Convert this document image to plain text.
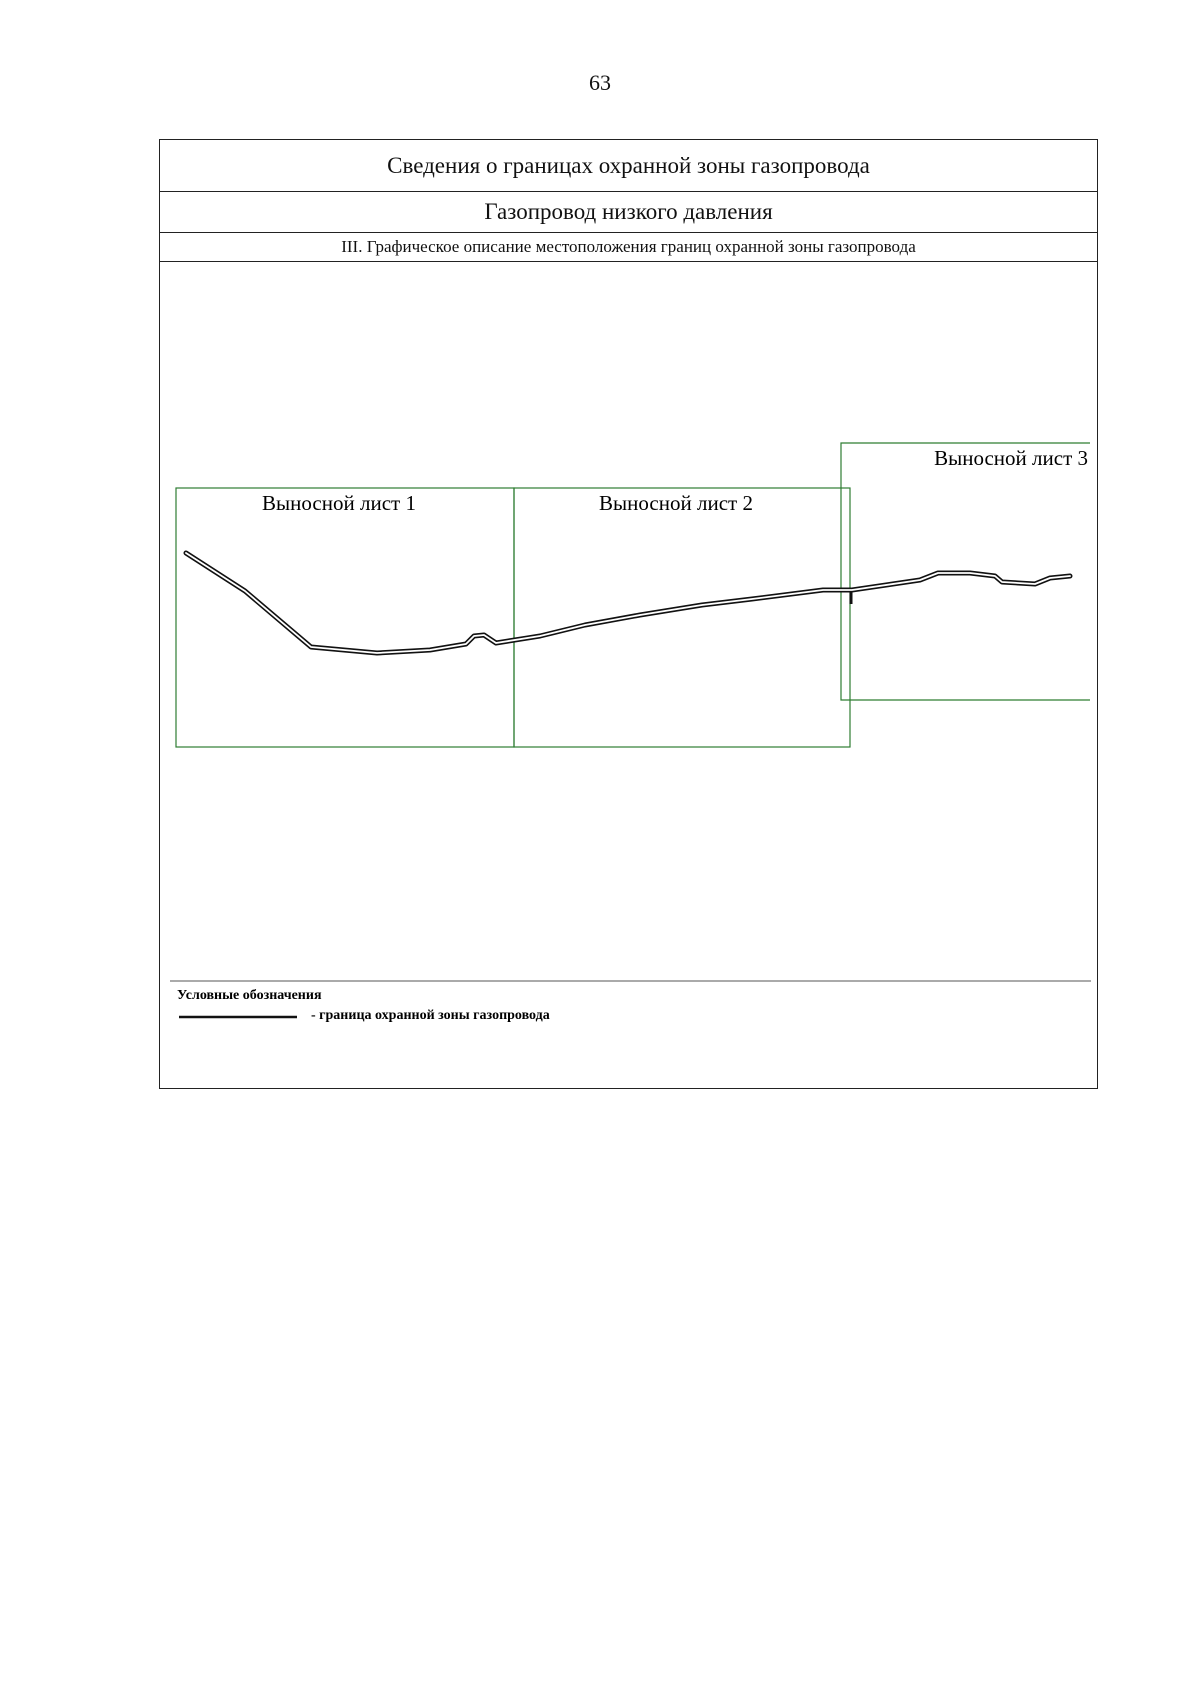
63
Сведения о границах охранной зоны газопровода
Газопровод низкого давления
III. Графическое описание местоположения границ охранной зоны газопровода
Выносной лист 1	Выносной лист 2
Выносной лист 3
Условные обозначения
- граница охранной зоны газопровода
